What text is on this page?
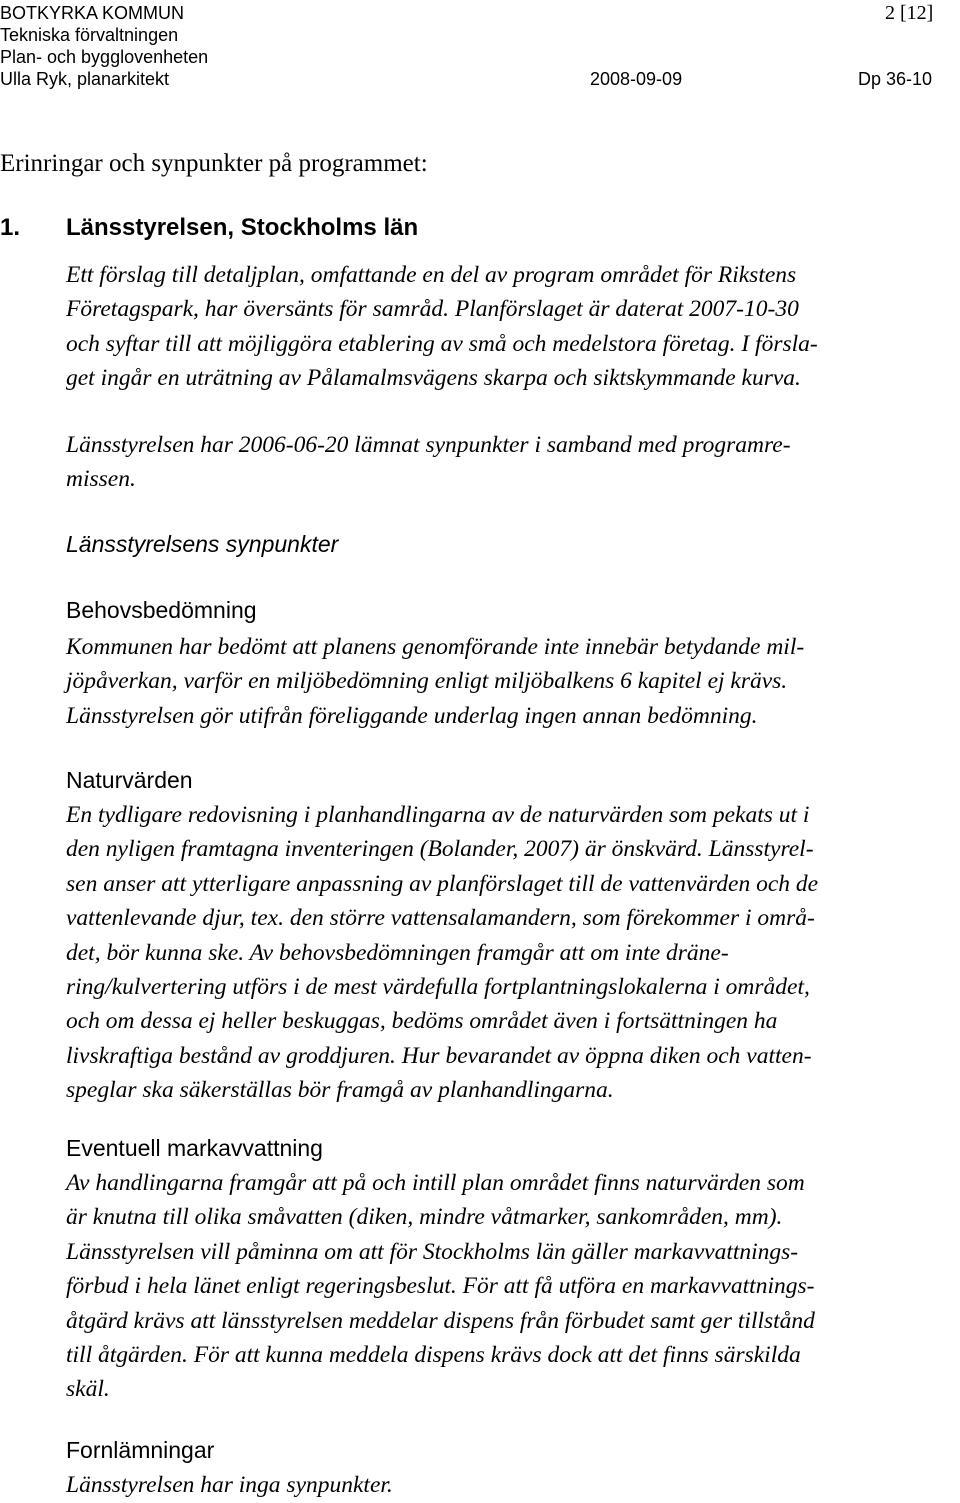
BOTKYRKA KOMMUN
Tekniska förvaltningen
Plan- och bygglovenheten
Ulla Ryk, planarkitekt
2 [12]
2008-09-09	Dp 36-10
Erinringar och synpunkter på programmet:
1. Länsstyrelsen, Stockholms län
Ett förslag till detaljplan, omfattande en del av program området för Rikstens
Företagspark, har översänts för samråd. Planförslaget är daterat 2007-10-30
och syftar till att möjliggöra etablering av små och medelstora företag. I försla-
get ingår en uträtning av Pålamalmsvägens skarpa och siktskymmande kurva.
Länsstyrelsen har 2006-06-20 lämnat synpunkter i samband med programre-
missen.
Länsstyrelsens synpunkter
Behovsbedömning
Kommunen har bedömt att planens genomförande inte innebär betydande mil-
jöpåverkan, varför en miljöbedömning enligt miljöbalkens 6 kapitel ej krävs.
Länsstyrelsen gör utifrån föreliggande underlag ingen annan bedömning.
Naturvärden
En tydligare redovisning i planhandlingarna av de naturvärden som pekats ut i
den nyligen framtagna inventeringen (Bolander, 2007) är önskvärd. Länsstyrel-
sen anser att ytterligare anpassning av planförslaget till de vattenvärden och de
vattenlevande djur, tex. den större vattensalamandern, som förekommer i områ-
det, bör kunna ske. Av behovsbedömningen framgår att om inte dräne-
ring/kulvertering utförs i de mest värdefulla fortplantningslokalerna i området,
och om dessa ej heller beskuggas, bedöms området även i fortsättningen ha
livskraftiga bestånd av groddjuren. Hur bevarandet av öppna diken och vatten-
speglar ska säkerställas bör framgå av planhandlingarna.
Eventuell markavvattning
Av handlingarna framgår att på och intill plan området finns naturvärden som
är knutna till olika småvatten (diken, mindre våtmarker, sankområden, mm).
Länsstyrelsen vill påminna om att för Stockholms län gäller markavvattnings-
förbud i hela länet enligt regeringsbeslut. För att få utföra en markavvattnings-
åtgärd krävs att länsstyrelsen meddelar dispens från förbudet samt ger tillstånd
till åtgärden. För att kunna meddela dispens krävs dock att det finns särskilda
skäl.
Fornlämningar
Länsstyrelsen har inga synpunkter.
